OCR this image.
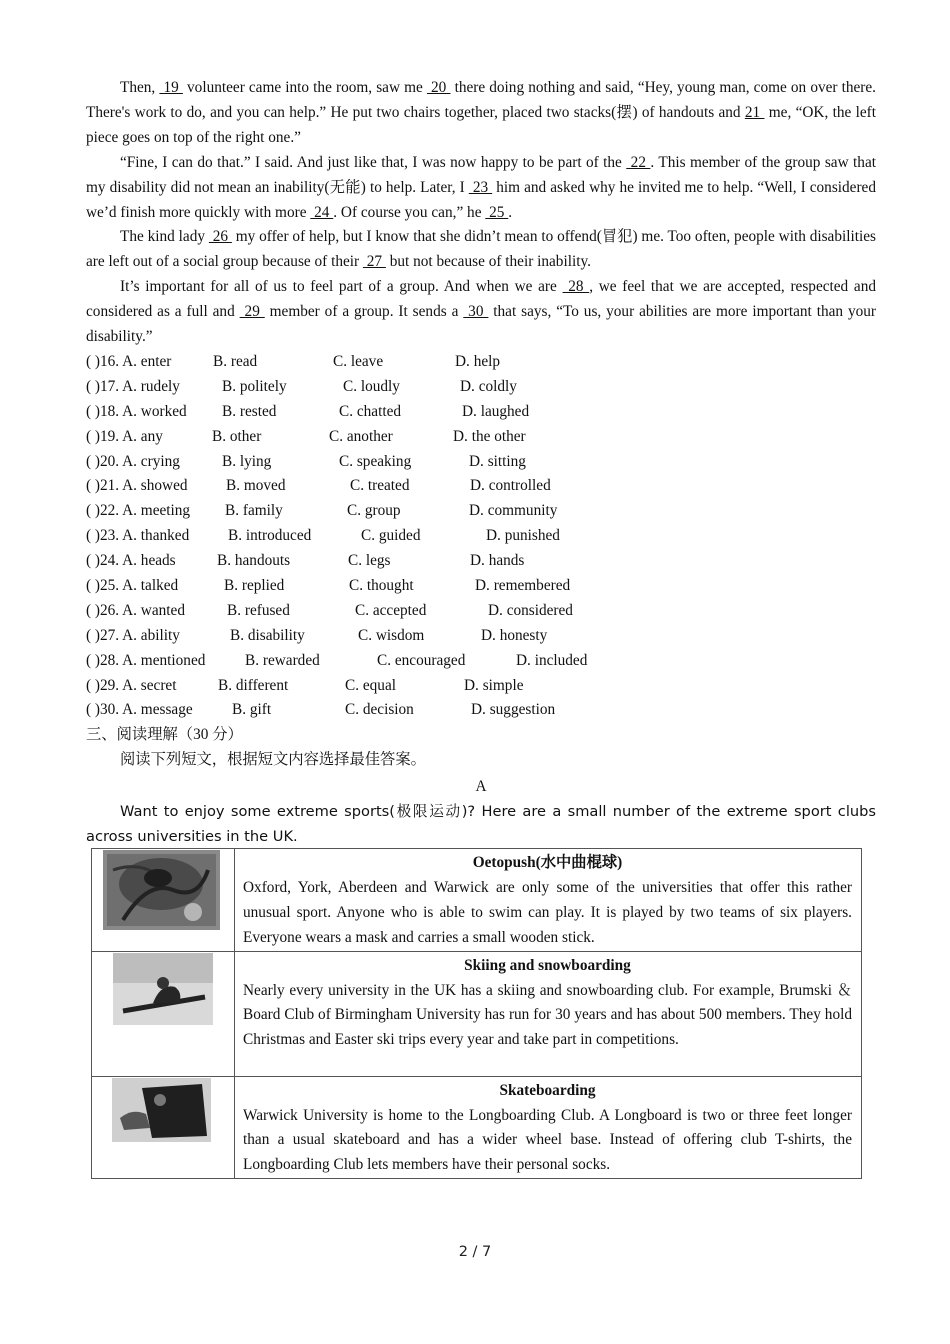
Then,  19  volunteer came into the room, saw me  20  there doing nothing and said, “Hey, young man, come on over there. There's work to do, and you can help.” He put two chairs together, placed two stacks(摆) of handouts and 21  me, “OK, the left piece goes on top of the right one.”

“Fine, I can do that.” I said. And just like that, I was now happy to be part of the  22 . This member of the group saw that my disability did not mean an inability(无能) to help. Later, I  23  him and asked why he invited me to help. “Well, I considered we’d finish more quickly with more  24 . Of course you can,” he  25 .

The kind lady  26  my offer of help, but I know that she didn’t mean to offend(冒犯) me. Too often, people with disabilities are left out of a social group because of their  27  but not because of their inability.

It’s important for all of us to feel part of a group. And when we are  28 , we feel that we are accepted, respected and considered as a full and  29  member of a group. It sends a  30  that says, “To us, your abilities are more important than your disability.”

( )16. A. enter	B. read	C. leave	D. help
( )17. A. rudely	B. politely	C. loudly	D. coldly
( )18. A. worked B. rested	C. chatted	D. laughed
( )19. A. any	B. other	C. another	D. the other
( )20. A. crying	B. lying	C. speaking	D. sitting
( )21. A. showed	B. moved	C. treated	D. controlled
( )22. A. meeting B. family	C. group	D. community
( )23. A. thanked	B. introduced	C. guided	D. punished
( )24. A. heads	B. handouts	C. legs	D. hands
( )25. A. talked	B. replied	C. thought	D. remembered
( )26. A. wanted	B. refused	C. accepted	D. considered
( )27. A. ability	B. disability	C. wisdom	D. honesty
( )28. A. mentioned	B. rewarded	C. encouraged	D. included
( )29. A. secret	B. different	C. equal	D. simple
( )30. A. message	B. gift	C. decision	D. suggestion

三、阅读理解（30 分）

阅读下列短文，根据短文内容选择最佳答案。

A

Want to enjoy some extreme sports(极限运动)? Here are a small number of the extreme sport clubs across universities in the UK.

Oetopush(水中曲棍球)
Oxford, York, Aberdeen and Warwick are only some of the universities that offer this rather unusual sport. Anyone who is able to swim can play. It is played by two teams of six players. Everyone wears a mask and carries a small wooden stick.

Skiing and snowboarding
Nearly every university in the UK has a skiing and snowboarding club. For example, Brumski ＆ Board Club of Birmingham University has run for 30 years and has about 500 members. They hold Christmas and Easter ski trips every year and take part in competitions.

Skateboarding
Warwick University is home to the Longboarding Club. A Longboard is two or three feet longer than a usual skateboard and has a wider wheel base. Instead of offering club T-shirts, the Longboarding Club lets members have their personal socks.
2 / 7
